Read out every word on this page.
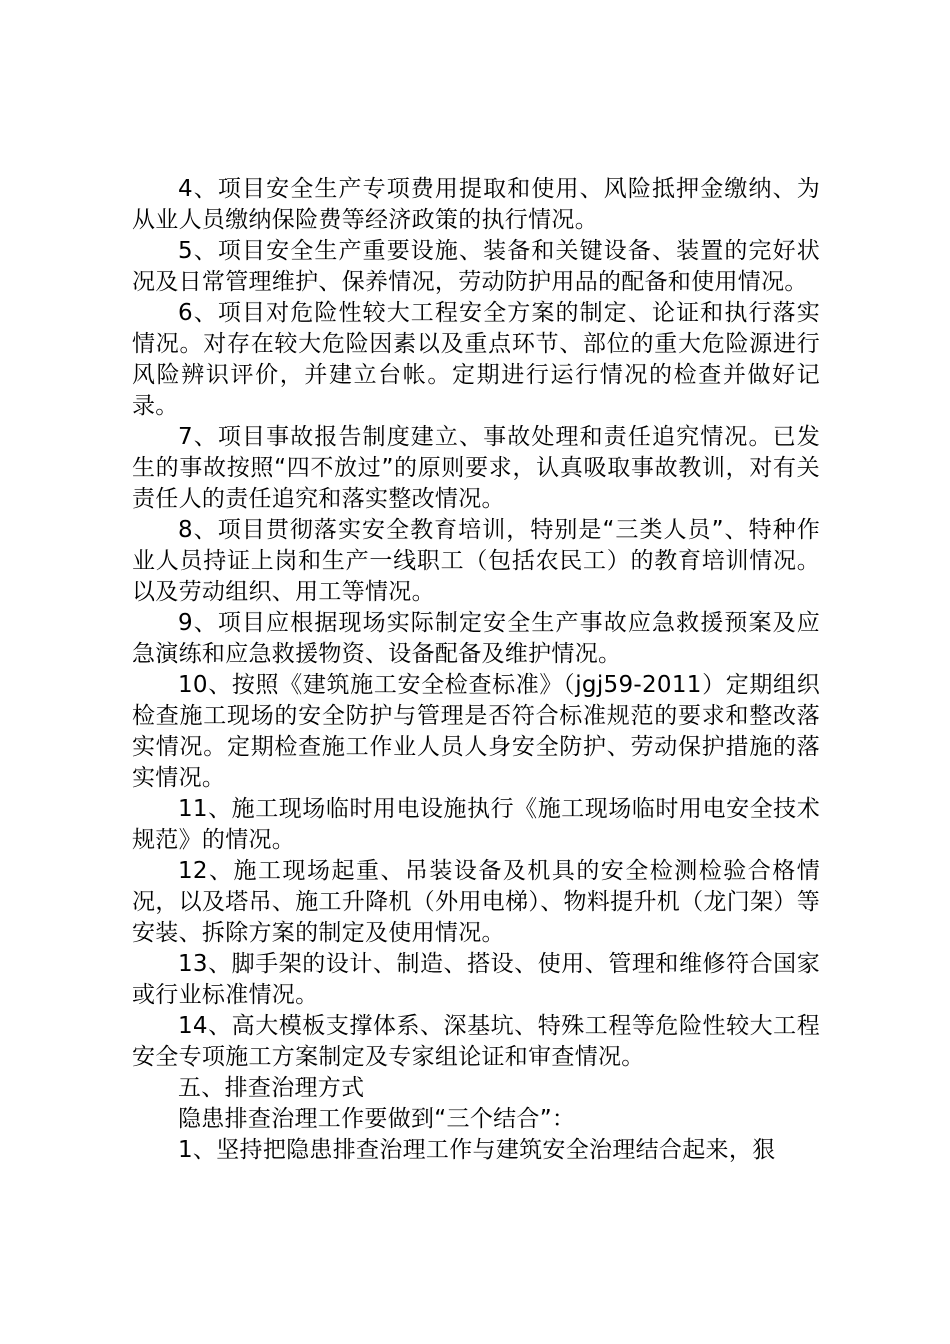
4、项目安全生产专项费用提取和使用、风险抵押金缴纳、为从业人员缴纳保险费等经济政策的执行情况。

5、项目安全生产重要设施、装备和关键设备、装置的完好状况及日常管理维护、保养情况，劳动防护用品的配备和使用情况。

6、项目对危险性较大工程安全方案的制定、论证和执行落实情况。对存在较大危险因素以及重点环节、部位的重大危险源进行风险辨识评价，并建立台帐。定期进行运行情况的检查并做好记录。

7、项目事故报告制度建立、事故处理和责任追究情况。已发生的事故按照“四不放过”的原则要求，认真吸取事故教训，对有关责任人的责任追究和落实整改情况。

8、项目贯彻落实安全教育培训，特别是“三类人员”、特种作业人员持证上岗和生产一线职工（包括农民工）的教育培训情况。以及劳动组织、用工等情况。

9、项目应根据现场实际制定安全生产事故应急救援预案及应急演练和应急救援物资、设备配备及维护情况。

10、按照《建筑施工安全检查标准》（jgj59-2011）定期组织检查施工现场的安全防护与管理是否符合标准规范的要求和整改落实情况。定期检查施工作业人员人身安全防护、劳动保护措施的落实情况。

11、施工现场临时用电设施执行《施工现场临时用电安全技术规范》的情况。

12、施工现场起重、吊装设备及机具的安全检测检验合格情况，以及塔吊、施工升降机（外用电梯）、物料提升机（龙门架）等安装、拆除方案的制定及使用情况。

13、脚手架的设计、制造、搭设、使用、管理和维修符合国家或行业标准情况。

14、高大模板支撑体系、深基坑、特殊工程等危险性较大工程安全专项施工方案制定及专家组论证和审查情况。

五、排查治理方式

隐患排查治理工作要做到“三个结合”：

1、坚持把隐患排查治理工作与建筑安全治理结合起来，狠
